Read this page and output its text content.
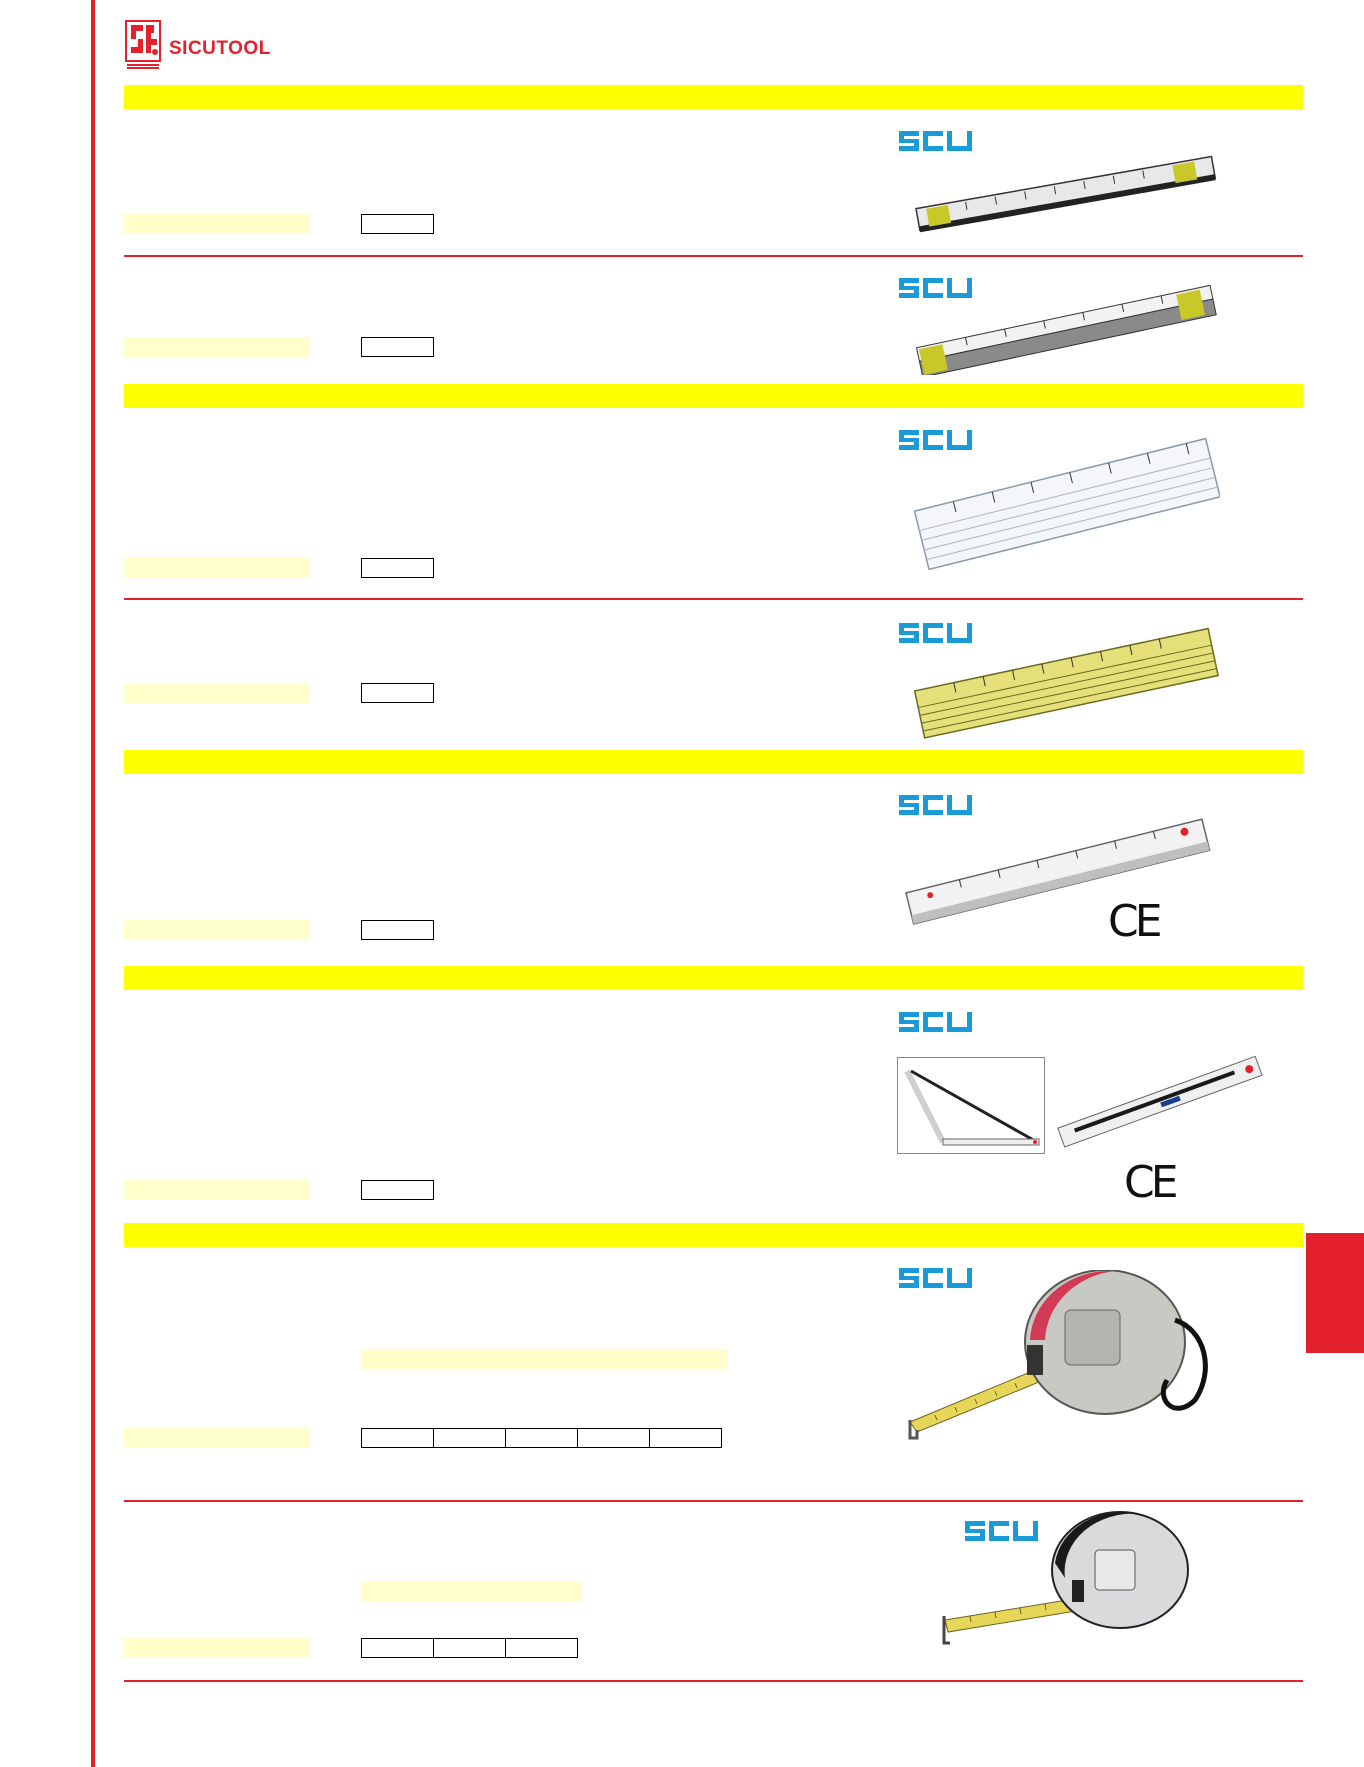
SICUTOOL
CE
CE
